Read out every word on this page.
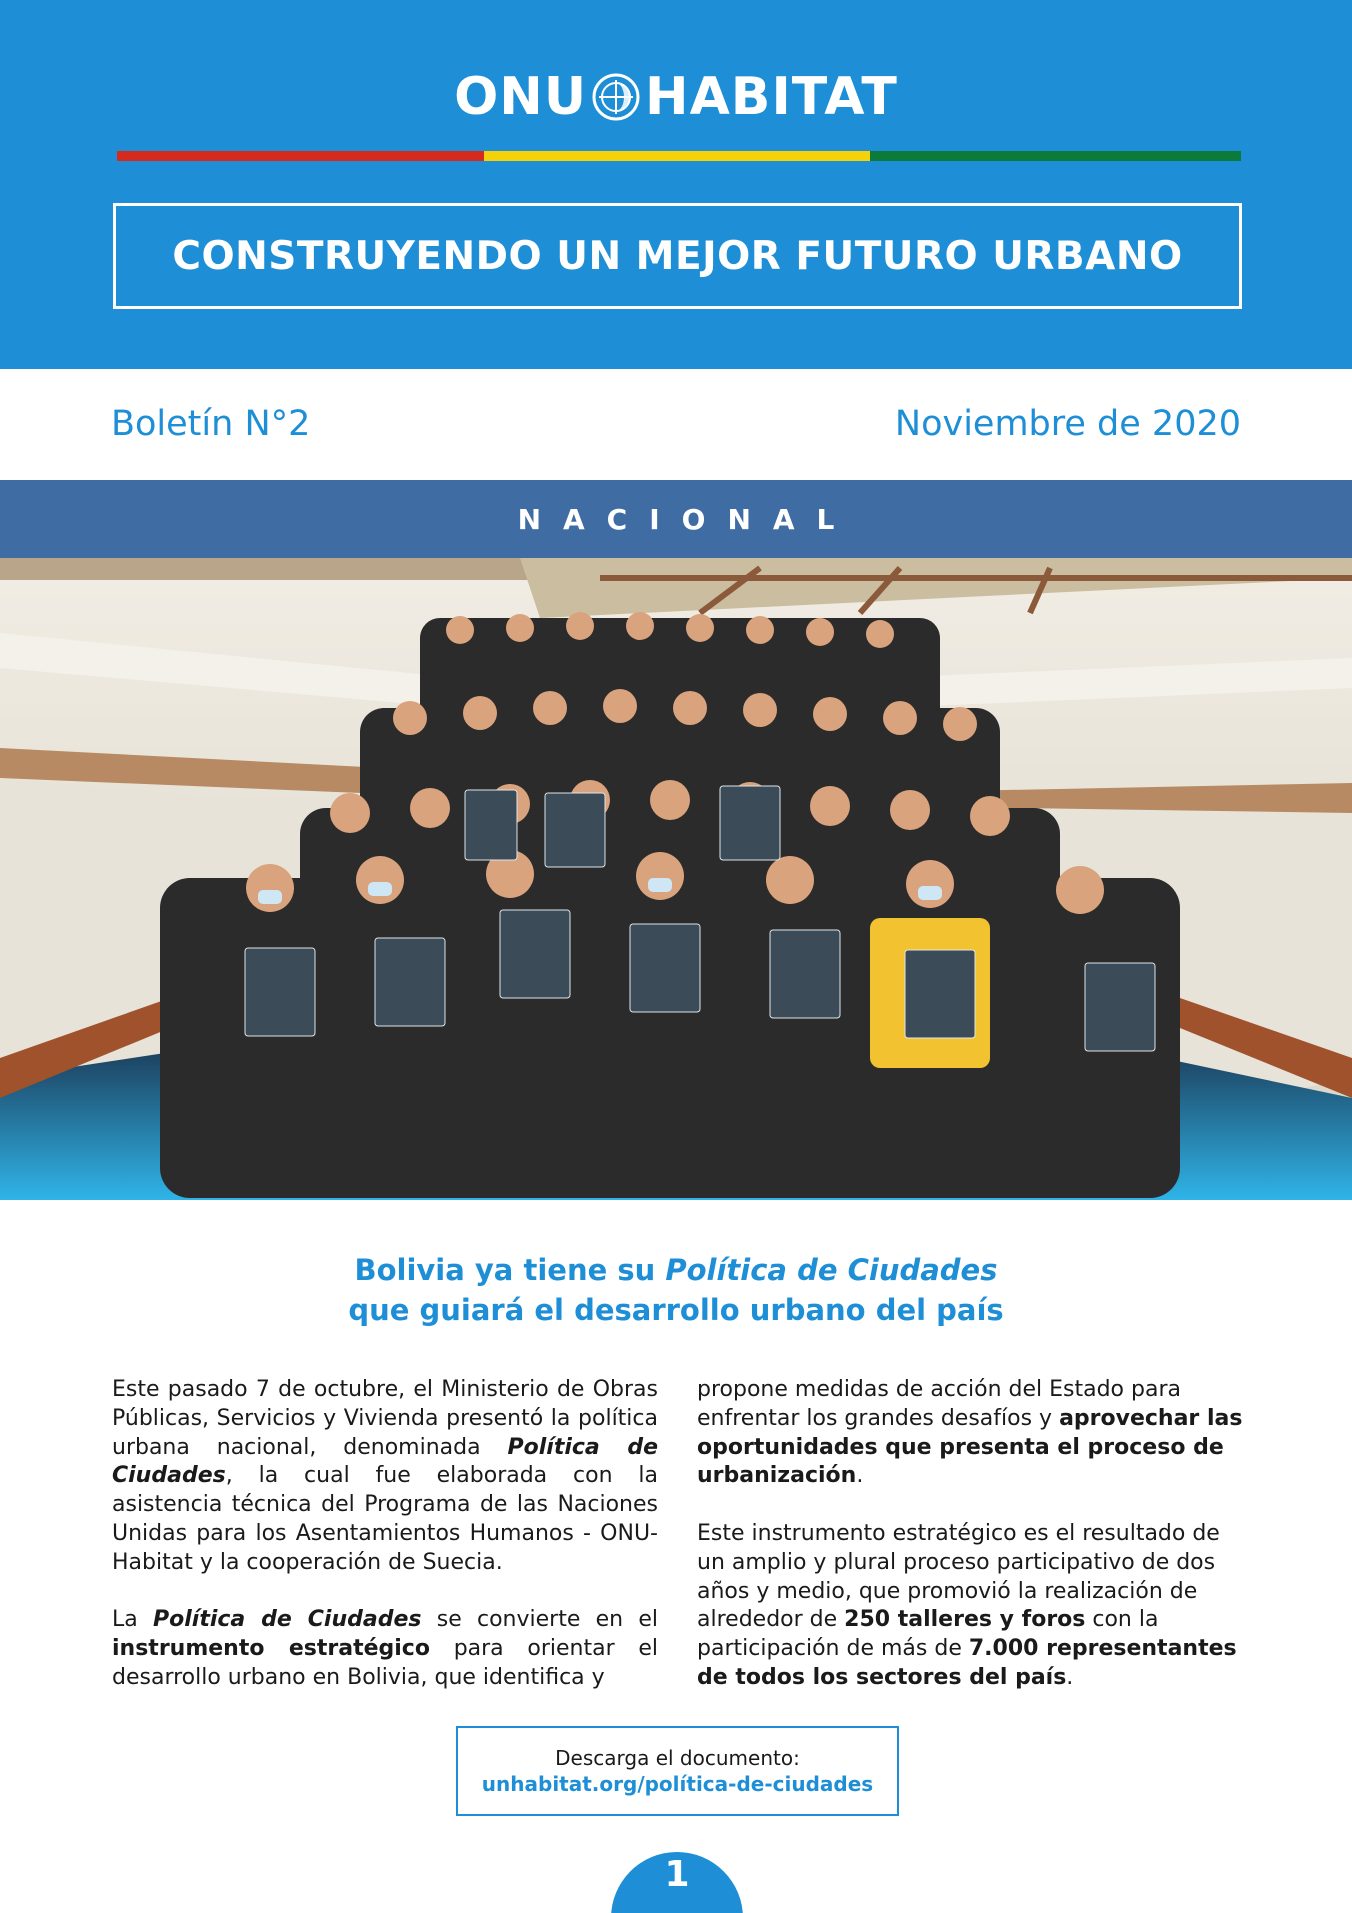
ONU HABITAT
CONSTRUYENDO UN MEJOR FUTURO URBANO
Boletín N°2	Noviembre de 2020
NACIONAL
Bolivia ya tiene su Política de Ciudades
que guiará el desarrollo urbano del país

Este pasado 7 de octubre, el Ministerio de Obras Públicas, Servicios y Vivienda presentó la política urbana nacional, denominada Política de Ciudades, la cual fue elaborada con la asistencia técnica del Programa de las Naciones Unidas para los Asentamientos Humanos - ONU-Habitat y la cooperación de Suecia.

La Política de Ciudades se convierte en el instrumento estratégico para orientar el desarrollo urbano en Bolivia, que identifica y

propone medidas de acción del Estado para enfrentar los grandes desafíos y aprovechar las oportunidades que presenta el proceso de urbanización.

Este instrumento estratégico es el resultado de un amplio y plural proceso participativo de dos años y medio, que promovió la realización de alrededor de 250 talleres y foros con la participación de más de 7.000 representantes de todos los sectores del país.

Descarga el documento:
unhabitat.org/política-de-ciudades
1
